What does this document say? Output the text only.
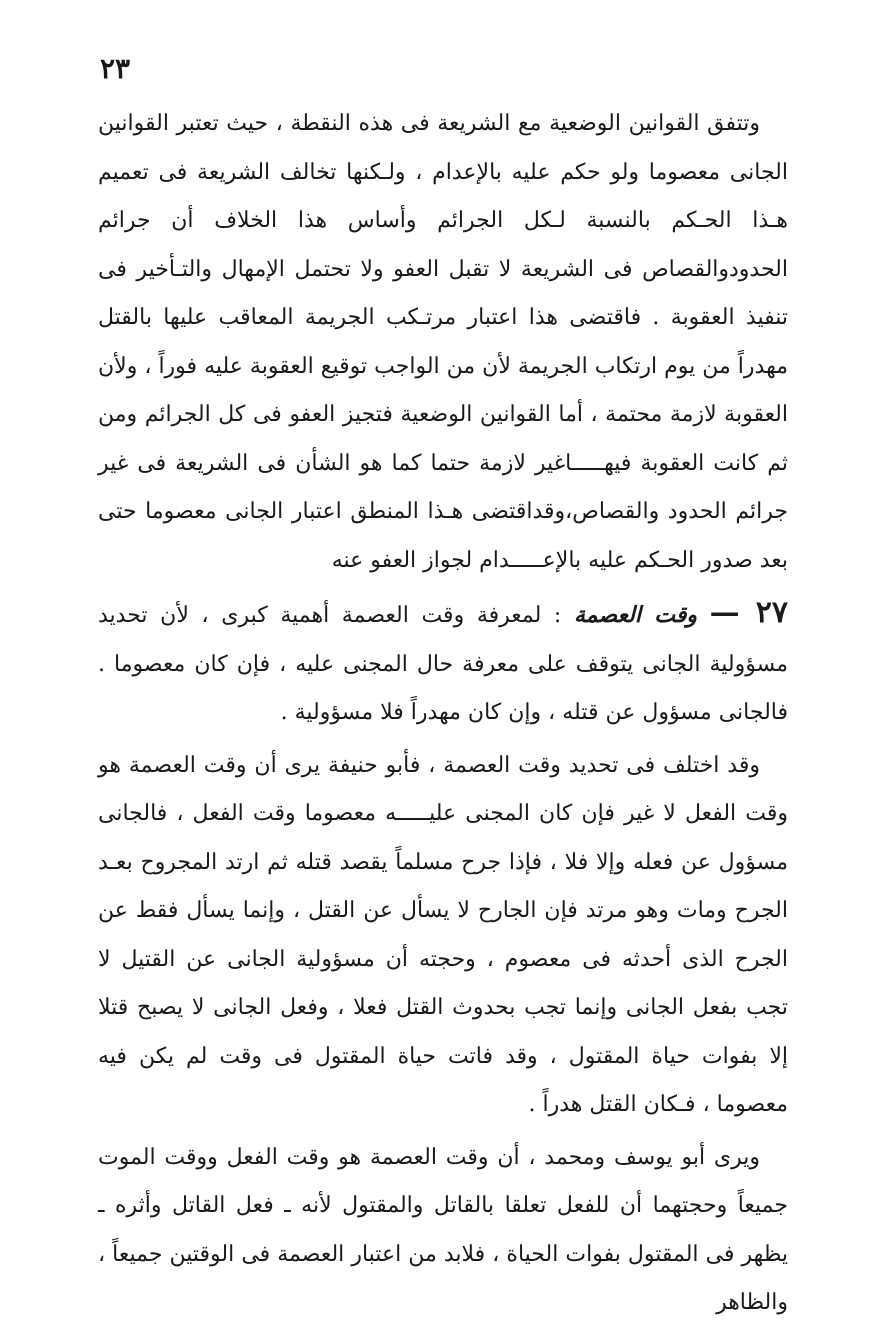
٢٣

وتتفق القوانين الوضعية مع الشريعة فى هذه النقطة ، حيث تعتبر القوانين الجانى معصوما ولو حكم عليه بالإعدام ، ولـكنها تخالف الشريعة فى تعميم هـذا الحـكم بالنسبة لـكل الجرائم وأساس هذا الخلاف أن جرائم الحدودوالقصاص فى الشريعة لا تقبل العفو ولا تحتمل الإمهال والتـأخير فى تنفيذ العقوبة . فاقتضى هذا اعتبار مرتـكب الجريمة المعاقب عليها بالقتل مهدراً من يوم ارتكاب الجريمة لأن من الواجب توقيع العقوبة عليه فوراً ، ولأن العقوبة لازمة محتمة ، أما القوانين الوضعية فتجيز العفو فى كل الجرائم ومن ثم كانت العقوبة فيهـــــاغير لازمة حتما كما هو الشأن فى الشريعة فى غير جرائم الحدود والقصاص،وقداقتضى هـذا المنطق اعتبار الجانى معصوما حتى بعد صدور الحـكم عليه بالإعـــــدام لجواز العفو عنه

٢٧ — وقت العصمة : لمعرفة وقت العصمة أهمية كبرى ، لأن تحديد مسؤولية الجانى يتوقف على معرفة حال المجنى عليه ، فإن كان معصوما . فالجانى مسؤول عن قتله ، وإن كان مهدراً فلا مسؤولية .

وقد اختلف فى تحديد وقت العصمة ، فأبو حنيفة يرى أن وقت العصمة هو وقت الفعل لا غير فإن كان المجنى عليـــــه معصوما وقت الفعل ، فالجانى مسؤول عن فعله وإلا فلا ، فإذا جرح مسلماً يقصد قتله ثم ارتد المجروح بعـد الجرح ومات وهو مرتد فإن الجارح لا يسأل عن القتل ، وإنما يسأل فقط عن الجرح الذى أحدثه فى معصوم ، وحجته أن مسؤولية الجانى عن القتيل لا تجب بفعل الجانى وإنما تجب بحدوث القتل فعلا ، وفعل الجانى لا يصبح قتلا إلا بفوات حياة المقتول ، وقد فاتت حياة المقتول فى وقت لم يكن فيه معصوما ، فـكان القتل هدراً .

ويرى أبو يوسف ومحمد ، أن وقت العصمة هو وقت الفعل ووقت الموت جميعاً وحجتهما أن للفعل تعلقا بالقاتل والمقتول لأنه ـ فعل القاتل وأثره ـ يظهر فى المقتول بفوات الحياة ، فلابد من اعتبار العصمة فى الوقتين جميعاً ، والظاهر
